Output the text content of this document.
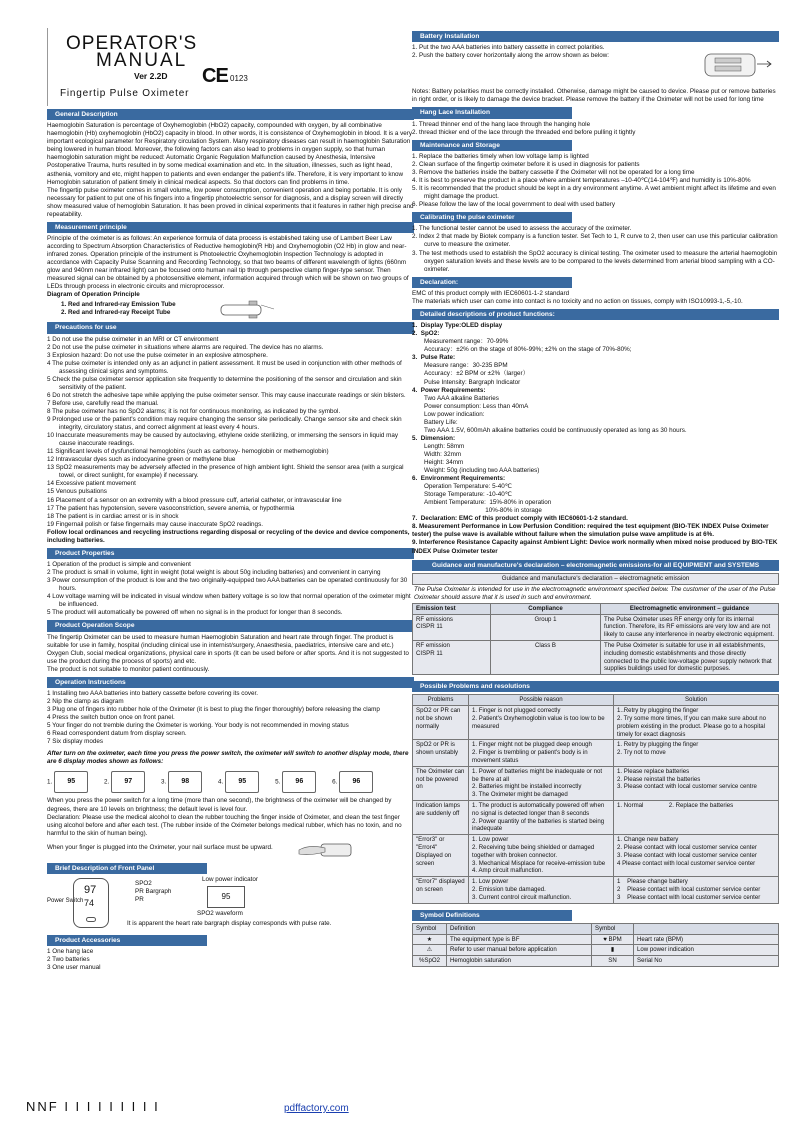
OPERATOR'S
MANUAL
Ver 2.2D CE 0123
Fingertip Pulse Oximeter
General Description

Haemoglobin Saturation is percentage of Oxyhemoglobin (HbO2) capacity, compounded with oxygen, by all combinative haemoglobin (Hb) oxyhemoglobin (HbO2) capacity in blood. In other words, it is consistence of Oxyhemoglobin in blood. It is a very important ecological parameter for Respiratory circulation System. Many respiratory diseases can result in haemoglobin Saturation being lowered in human blood. Moreover, the following factors can also lead to problems in oxygen supply, so that human haemoglobin saturation might be reduced: Automatic Organic Regulation Malfunction caused by Anesthesia, Intensive Postoperative Trauma, hurts resulted in by some medical examination and etc. In the situation, illnesses, such as light head, asthenia, vomitory and etc, might happen to patients and even endanger the patient's life. Therefore, it is very important to know Hemoglobin saturation of patient timely in clinical medical aspects. So that doctors can find problems in time.

The fingertip pulse oximeter comes in small volume, low power consumption, convenient operation and being portable. It is only necessary for patient to put one of his fingers into a fingertip photoelectric sensor for diagnosis, and a display screen will directly show measured value of hemoglobin Saturation. It has been proved in clinical experiments that it features in rather high precise and repeatability.

Measurement principle

Principle of the oximeter is as follows: An experience formula of data process is established taking use of Lambert Beer Law according to Spectrum Absorption Characteristics of Reductive hemoglobin(R Hb) and Oxyhemoglobin (O2 Hb) in glow and near-infrared zones. Operation principle of the instrument is Photoelectric Oxyhemoglobin Inspection Technology is adopted in accordance with Capacity Pulse Scanning and Recording Technology, so that two beams of different wavelength of lights (660nm glow and 940nm near infrared light) can be focused onto human nail tip through perspective clamp finger-type sensor. Then measured signal can be obtained by a photosensitive element, information acquired through which will be shown on two groups of LEDs through process in electronic circuits and microprocessor.

Diagram of Operation Principle

1. Red and Infrared-ray Emission Tube
2. Red and Infrared-ray Receipt Tube
Precautions for use
1 Do not use the pulse oximeter in an MRI or CT environment
2 Do not use the pulse oximeter in situations where alarms are required. The device has no alarms.
3 Explosion hazard: Do not use the pulse oximeter in an explosive atmosphere.
4 The pulse oximeter is intended only as an adjunct in patient assessment. It must be used in conjunction with other methods of assessing clinical signs and symptoms.
5 Check the pulse oximeter sensor application site frequently to determine the positioning of the sensor and circulation and skin sensitivity of the patient.
6 Do not stretch the adhesive tape while applying the pulse oximeter sensor. This may cause inaccurate readings or skin blisters.
7 Before use, carefully read the manual.
8 The pulse oximeter has no SpO2 alarms; it is not for continuous monitoring, as indicated by the symbol.
9 Prolonged use or the patient's condition may require changing the sensor site periodically. Change sensor site and check skin integrity, circulatory status, and correct alignment at least every 4 hours.
10 Inaccurate measurements may be caused by autoclaving, ethylene oxide sterilizing, or immersing the sensors in liquid may cause inaccurate readings.
11 Significant levels of dysfunctional hemoglobins (such as carbonxy- hemoglobin or methemoglobin)
12 Intravascular dyes such as indocyanine green or methylene blue
13 SpO2 measurements may be adversely affected in the presence of high ambient light. Shield the sensor area (with a surgical towel, or direct sunlight, for example) if necessary.
14 Excessive patient movement
15 Venous pulsations
16 Placement of a sensor on an extremity with a blood pressure cuff, arterial catheter, or intravascular line
17 The patient has hypotension, severe vasoconstriction, severe anemia, or hypothermia
18 The patient is in cardiac arrest or is in shock
19 Fingernail polish or false fingernails may cause inaccurate SpO2 readings.

Follow local ordinances and recycling instructions regarding disposal or recycling of the device and device components, including batteries.

Product Properties
1 Operation of the product is simple and convenient
2 The product is small in volume, light in weight (total weight is about 50g including batteries) and convenient in carrying
3 Power consumption of the product is low and the two originally-equipped two AAA batteries can be operated continuously for 30 hours.
4 Low voltage warning will be indicated in visual window when battery voltage is so low that normal operation of the oximeter might be influenced.
5 The product will automatically be powered off when no signal is in the product for longer than 8 seconds.
Product Operation Scope

The fingertip Oximeter can be used to measure human Haemoglobin Saturation and heart rate through finger. The product is suitable for use in family, hospital (including clinical use in internist/surgery, Anaesthesia, paediatrics, intensive care and etc.) Oxygen Club, social medical organizations, physical care in sports (It can be used before or after sports. And it is not suggested to use the product during the process of sports) and etc.

The product is not suitable to monitor patient continuously.

Operation Instructions
1 Installing two AAA batteries into battery cassette before covering its cover.
2 Nip the clamp as diagram
3 Plug one of fingers into rubber hole of the Oximeter (it is best to plug the finger thoroughly) before releasing the clamp
4 Press the switch button once on front panel.
5 Your finger do not tremble during the Oximeter is working. Your body is not recommended in moving status
6 Read correspondent datum from display screen.
7 Six display modes

After turn on the oximeter, each time you press the power switch, the oximeter will switch to another display mode, there are 6 display modes shown as follows:

1. 95	2. 97	3. 98	4. 95	5. 96	6. 96

When you press the power switch for a long time (more than one second), the brightness of the oximeter will be changed by degrees, there are 10 levels on brightness; the default level is level four.

Declaration: Please use the medical alcohol to clean the rubber touching the finger inside of Oximeter, and clean the test finger using alcohol before and after each test. (The rubber inside of the Oximeter belongs medical rubber, which has no toxin, and no harmful to the skin of human being).

When your finger is plugged into the Oximeter, your nail surface must be upward.

Brief Description of Front Panel
Power Switch
97
74
SPO2
PR Bargraph
PR
Low power indicator
95
SPO2 waveform
It is apparent the heart rate bargraph display corresponds with pulse rate.
Product Accessories
1 One hang lace
2 Two batteries
3 One user manual
Battery Installation
1. Put the two AAA batteries into battery cassette in correct polarities.
2. Push the battery cover horizontally along the arrow shown as below:

Notes: Battery polarities must be correctly installed. Otherwise, damage might be caused to device. Please put or remove batteries in right order, or is likely to damage the device bracket. Please remove the battery if the Oximeter will not be used for long time

Hang Lace Installation
1. Thread thinner end of the hang lace through the hanging hole
2. thread thicker end of the lace through the threaded end before pulling it tightly
Maintenance and Storage
1. Replace the batteries timely when low voltage lamp is lighted
2. Clean surface of the fingertip oximeter before it is used in diagnosis for patients
3. Remove the batteries inside the battery cassette if the Oximeter will not be operated for a long time
4. It is best to preserve the product in a place where ambient temperatures –10-40℃(14-104℉) and humidity is 10%-80%
5. It is recommended that the product should be kept in a dry environment anytime. A wet ambient might affect its lifetime and even might damage the product.
6. Please follow the law of the local government to deal with used battery
Calibrating the pulse oximeter
1. The functional tester cannot be used to assess the accuracy of the oximeter.
2. Index 2 that made by Biotek company is a function tester. Set Tech to 1, R curve to 2, then user can use this particular calibration curve to measure the oximeter.
3. The test methods used to establish the SpO2 accuracy is clinical testing. The oximeter used to measure the arterial haemoglobin oxygen saturation levels and these levels are to be compared to the levels determined from arterial blood sampling with a CO-oximeter.
Declaration:

EMC of this product comply with IEC60601-1-2 standard

The materials which user can come into contact is no toxicity and no action on tissues, comply with ISO10993-1,-5,-10.

Detailed descriptions of product functions:

1.  Display Type:OLED display

2.  SpO2:

Measurement range：70-99%

Accuracy：±2% on the stage of 80%-99%; ±2% on the stage of 70%-80%;

3.  Pulse Rate:

Measure range：30-235 BPM

Accuracy：±2 BPM or ±2%（larger）

Pulse Intensity: Bargraph Indicator

4.  Power Requirements:

Two AAA alkaline Batteries

Power consumption: Less than 40mA

Low power indication:

Battery Life:

Two AAA 1.5V, 600mAh alkaline batteries could be continuously operated as long as 30 hours.

5.  Dimension:

Length: 58mm

Width: 32mm

Height: 34mm

Weight: 50g (including two AAA batteries)

6.  Environment Requirements:

Operation Temperature: 5-40℃

Storage Temperature: -10-40℃

Ambient Temperature:  15%-80% in operation

10%-80% in storage

7.  Declaration: EMC of this product comply with IEC60601-1-2 standard.

8. Measurement Performance in Low Perfusion Condition: required the test equipment (BIO-TEK INDEX Pulse Oximeter tester) the pulse wave is available without failure when the simulation pulse wave amplitude is at 6%.

9. Interference Resistance Capacity against Ambient Light: Device work normally when mixed noise produced by BIO-TEK INDEX Pulse Oximeter tester

Guidance and manufacture's declaration – electromagnetic emissions-for all EQUIPMENT and SYSTEMS
Guidance and manufacture's declaration – electromagnetic emission

The Pulse Oximeter is intended for use in the electromagnetic environment specified below. The customer of the user of the Pulse Oximeter should assure that it is used in such and environment.

Emission test	Compliance	Electromagnetic environment – guidance
RF emissions
CISPR 11	Group 1	The Pulse Oximeter uses RF energy only for its internal function. Therefore, its RF emissions are very low and are not likely to cause any interference in nearby electronic equipment.
RF emission
CISPR 11	Class B	The Pulse Oximeter is suitable for use in all establishments, including domestic establishments and those directly connected to the public low-voltage power supply network that supplies buildings used for domestic purposes.
Possible Problems and resolutions
Problems	Possible reason	Solution
SpO2 or PR can not be shown normally	1. Finger is not plugged correctly
2. Patient's Oxyhemoglobin value is too low to be measured	1..Retry by plugging the finger
2. Try some more times, If you can make sure about no problem existing in the product. Please go to a hospital timely for exact diagnosis
SpO2 or PR is shown unstably	1. Finger might not be plugged deep enough
2. Finger is trembling or patient's body is in movement status	1. Retry by plugging the finger
2. Try not to move
The Oximeter can not be powered on	1. Power of batteries might be inadequate or not be there at all
2. Batteries might be installed incorrectly
3. The Oximeter might be damaged	1. Please replace batteries
2. Please reinstall the batteries
3. Please contact with local customer service centre
Indication lamps are suddenly off	1. The product is automatically powered off when no signal is detected longer than 8 seconds
2. Power quantity of the batteries is started being inadequate	1. Normal               2. Replace the batteries
"Error3" or "Error4" Displayed on screen	1. Low power
2. Receiving tube being shielded or damaged together with broken connector.
3. Mechanical Misplace for receive-emission tube
4. Amp circuit malfunction.	1. Change new battery
2. Please contact with local customer service center
3. Please contact with local customer service center
4 Please contact with local customer service center
"Error7" displayed on screen	1. Low power
2. Emission tube damaged.
3. Current control circuit malfunction.	1    Please change battery
2    Please contact with local customer service center
3    Please contact with local customer service center
Symbol Definitions
Symbol	Definition	Symbol	
★	The equipment type is BF	♥ BPM	Heart rate (BPM)
⚠	Refer to user manual before application	▮	Low power indication
%SpO2	Hemoglobin saturation	SN	Serial No
NNF I I I I I I I I I	pdffactory.com
